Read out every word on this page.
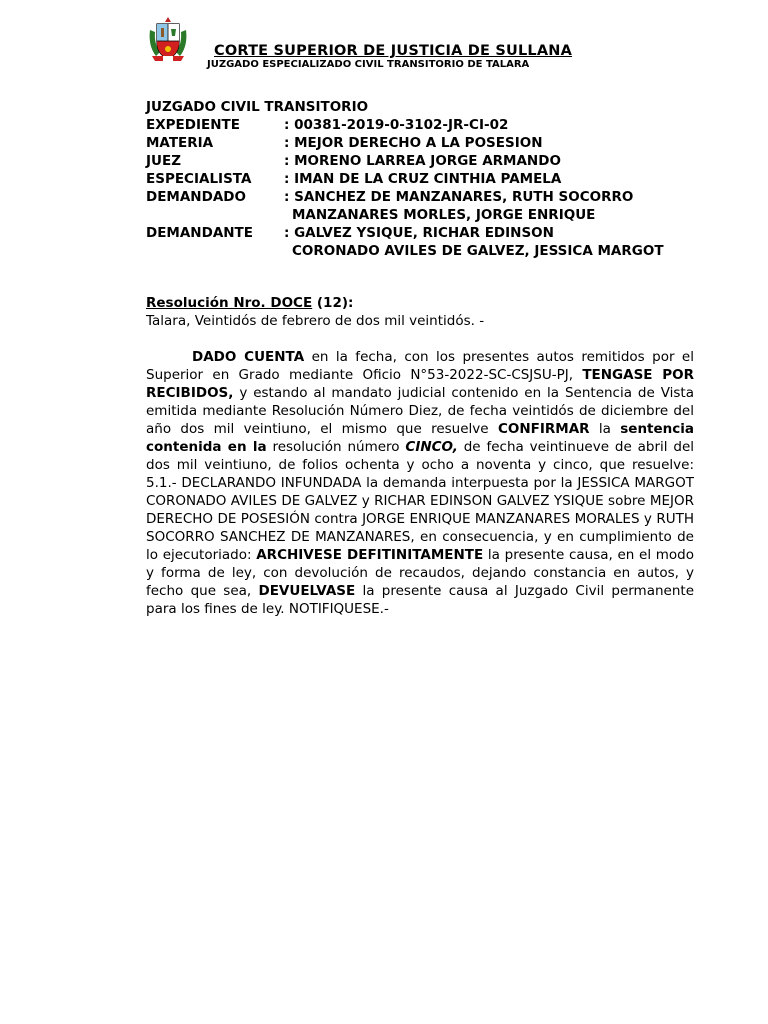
CORTE SUPERIOR DE JUSTICIA DE SULLANA

JUZGADO ESPECIALIZADO CIVIL TRANSITORIO DE TALARA

JUZGADO CIVIL TRANSITORIO
EXPEDIENTE	: 00381-2019-0-3102-JR-CI-02
MATERIA	: MEJOR DERECHO A LA POSESION
JUEZ	: MORENO LARREA JORGE ARMANDO
ESPECIALISTA	: IMAN DE LA CRUZ CINTHIA PAMELA
DEMANDADO	: SANCHEZ DE MANZANARES, RUTH SOCORRO
MANZANARES MORLES, JORGE ENRIQUE
DEMANDANTE	: GALVEZ YSIQUE, RICHAR EDINSON
CORONADO AVILES DE GALVEZ, JESSICA MARGOT

Resolución Nro. DOCE (12):

Talara, Veintidós de febrero de dos mil veintidós. -

DADO CUENTA en la fecha, con los presentes autos remitidos por el Superior en Grado mediante Oficio N°53-2022-SC-CSJSU-PJ, TENGASE POR RECIBIDOS, y estando al mandato judicial contenido en la Sentencia de Vista emitida mediante Resolución Número Diez, de fecha veintidós de diciembre del año dos mil veintiuno, el mismo que resuelve CONFIRMAR la sentencia contenida en la resolución número CINCO, de fecha veintinueve de abril del dos mil veintiuno, de folios ochenta y ocho a noventa y cinco, que resuelve: 5.1.- DECLARANDO INFUNDADA la demanda interpuesta por la JESSICA MARGOT CORONADO AVILES DE GALVEZ y RICHAR EDINSON GALVEZ YSIQUE sobre MEJOR DERECHO DE POSESIÓN contra JORGE ENRIQUE MANZANARES MORALES y RUTH SOCORRO SANCHEZ DE MANZANARES, en consecuencia, y en cumplimiento de lo ejecutoriado: ARCHIVESE DEFITINITAMENTE la presente causa, en el modo y forma de ley, con devolución de recaudos, dejando constancia en autos, y fecho que sea, DEVUELVASE la presente causa al Juzgado Civil permanente para los fines de ley. NOTIFIQUESE.-
